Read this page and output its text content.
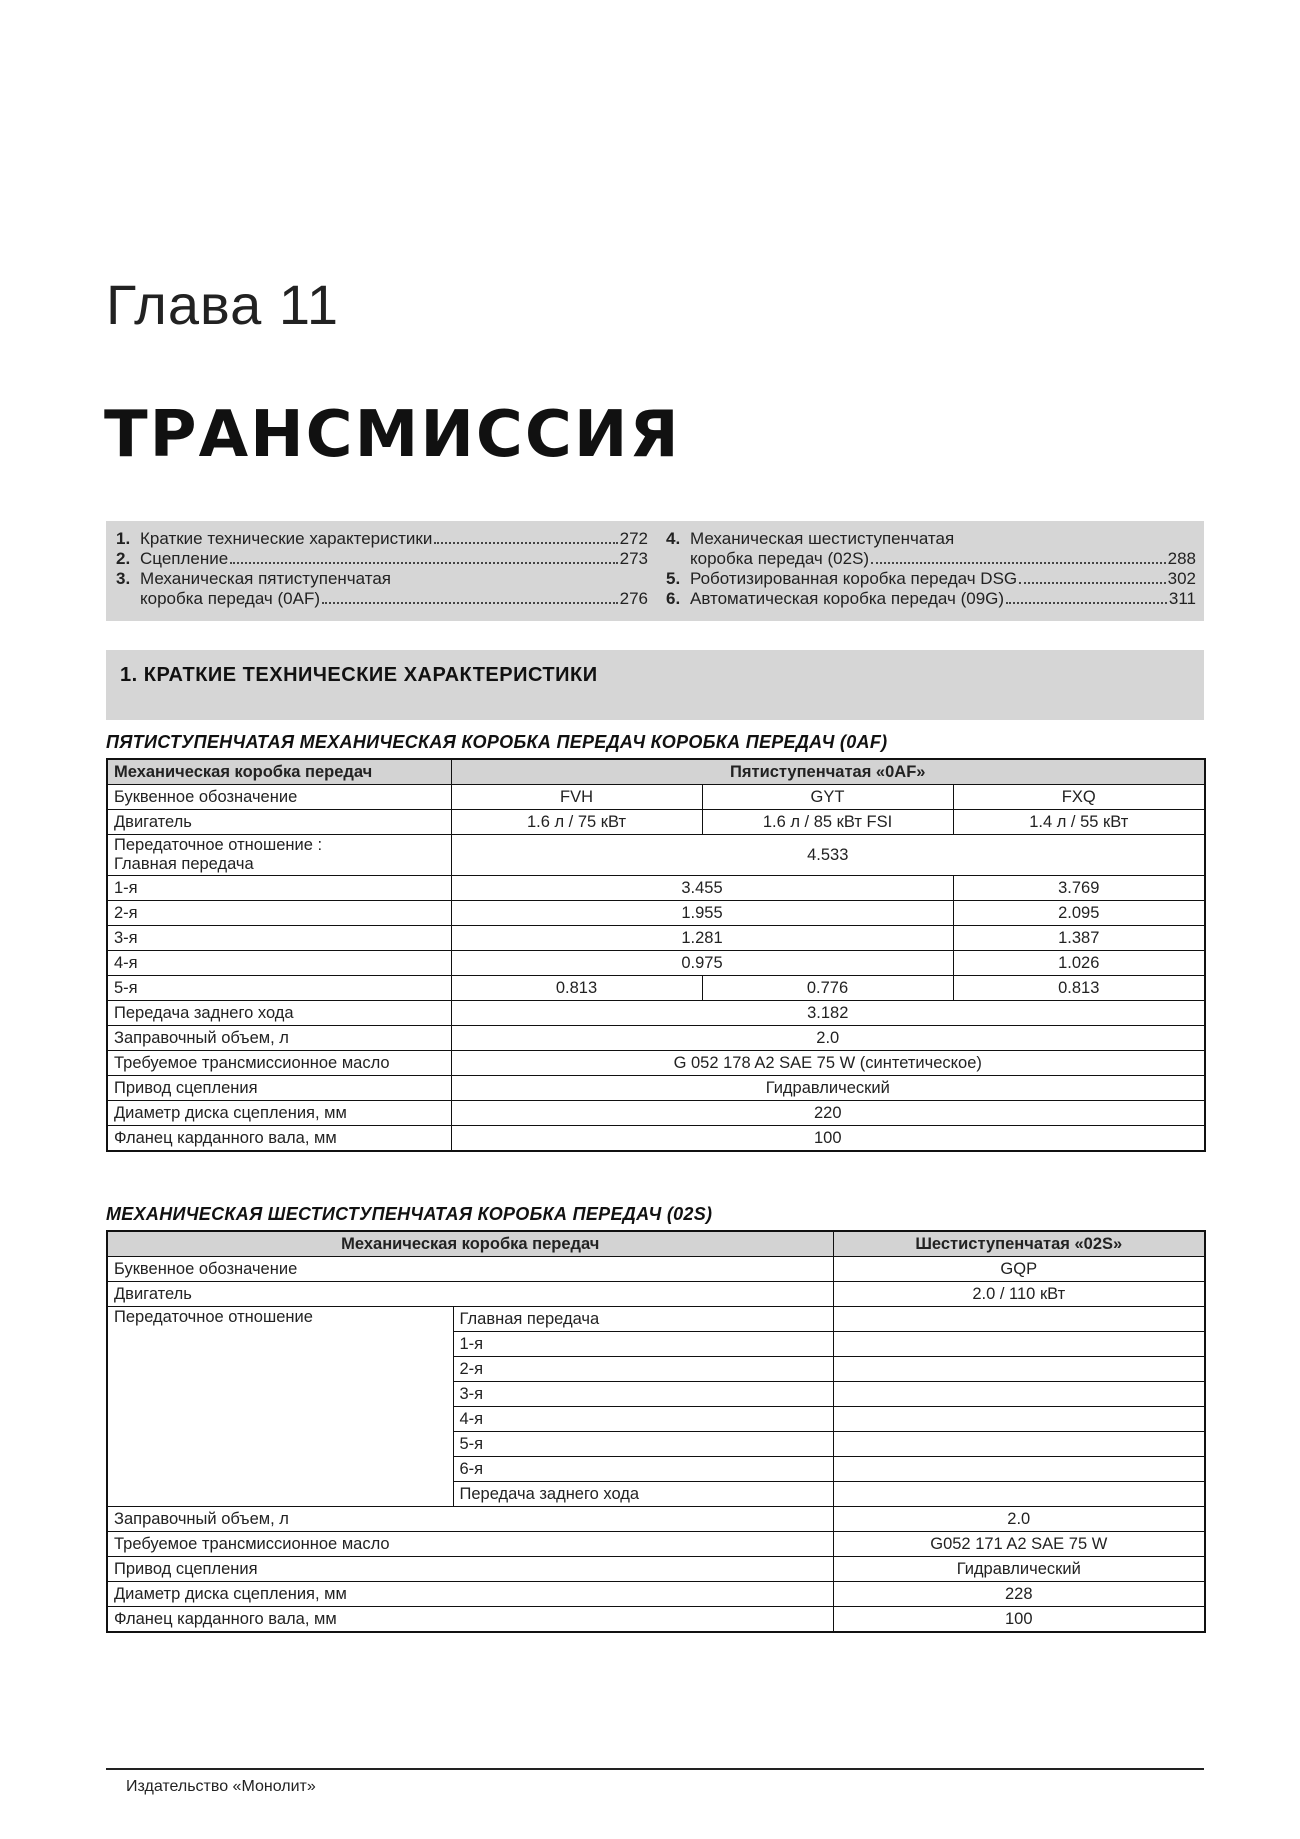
Глава 11
ТРАНСМИССИЯ
1. Краткие технические характеристики	272
2. Сцепление	273
3. Механическая пятиступенчатая
коробка передач (0AF)	276
4. Механическая шестиступенчатая
коробка передач (02S)	288
5. Роботизированная коробка передач DSG	302
6. Автоматическая коробка передач (09G)	311
1. КРАТКИЕ ТЕХНИЧЕСКИЕ ХАРАКТЕРИСТИКИ
ПЯТИСТУПЕНЧАТАЯ МЕХАНИЧЕСКАЯ КОРОБКА ПЕРЕДАЧ КОРОБКА ПЕРЕДАЧ (0AF)
Механическая коробка передач	Пятиступенчатая «0AF»		
Буквенное обозначение	FVH	GYT	FXQ
Двигатель	1.6 л / 75 кВт	1.6 л / 85 кВт FSI	1.4 л / 55 кВт
Передаточное отношение :
Главная передача	4.533		
1-я	3.455		3.769
2-я	1.955		2.095
3-я	1.281		1.387
4-я	0.975		1.026
5-я	0.813	0.776	0.813
Передача заднего хода	3.182		
Заправочный объем, л	2.0		
Требуемое трансмиссионное масло	G 052 178 A2 SAE 75 W (синтетическое)		
Привод сцепления	Гидравлический		
Диаметр диска сцепления, мм	220		
Фланец карданного вала, мм	100		
МЕХАНИЧЕСКАЯ ШЕСТИСТУПЕНЧАТАЯ КОРОБКА ПЕРЕДАЧ (02S)
Механическая коробка передач		Шестиступенчатая «02S»
Буквенное обозначение		GQP
Двигатель		2.0 / 110 кВт
Передаточное отношение	Главная передача	
	1-я	
	2-я	
	3-я	
	4-я	
	5-я	
	6-я	
	Передача заднего хода	
Заправочный объем, л		2.0
Требуемое трансмиссионное масло		G052 171 A2 SAE 75 W
Привод сцепления		Гидравлический
Диаметр диска сцепления, мм		228
Фланец карданного вала, мм		100
Издательство «Монолит»
